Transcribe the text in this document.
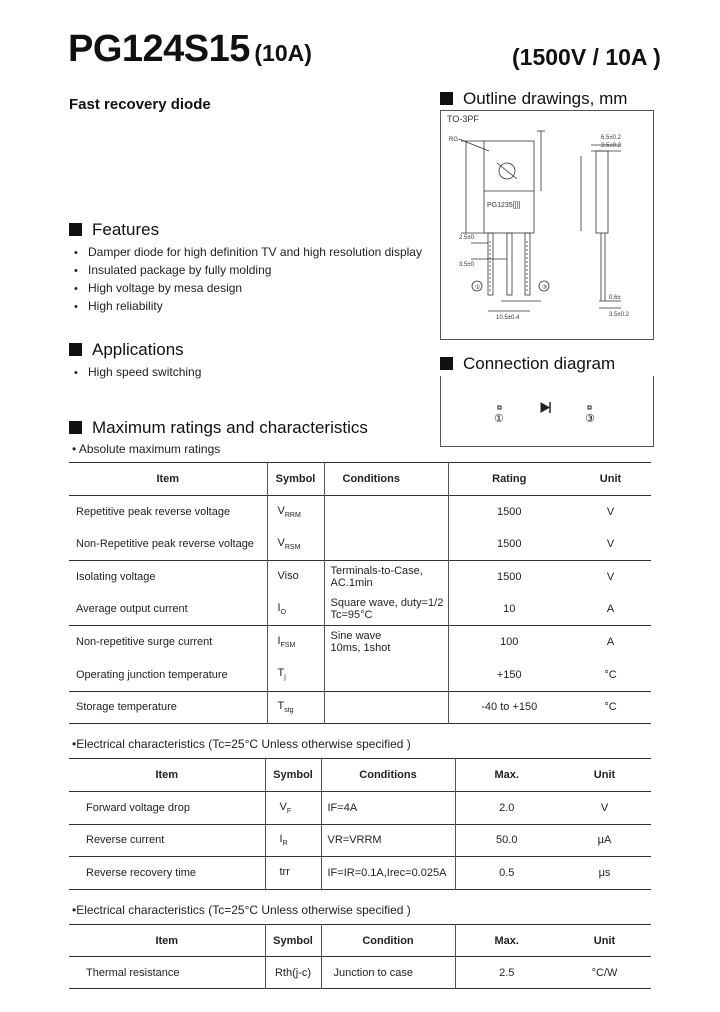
PG124S15 (10A)	(1500V / 10A )
Fast recovery diode
Features
• Damper diode for high definition TV and high resolution display
• Insulated package by fully molding
• High voltage by mesa design
• High reliability
Applications
• High speed switching
Outline drawings, mm
TO-3PF
RG
PG1235[]]]
6.5±0.2
3.5±0.2
2.5±0
3.5±0
0.6±
3.5±0.2
10.5±0.4
①	③
Connection diagram
①	③
Maximum ratings and characteristics
• Absolute maximum ratings
Item	Symbol	Conditions	Rating	Unit
Repetitive peak reverse voltage	$V_{RRM}$		1500	V
Non-Repetitive peak reverse voltage	$V_{RSM}$		1500	V
Isolating voltage	Viso	Terminals-to-Case,
AC.1min	1500	V
Average output current	$I_O$	Square wave, duty=1/2
Tc=95°C	10	A
Non-repetitive surge current	$I_{FSM}$	Sine wave
10ms, 1shot	100	A
Operating junction temperature	$T_j$		+150	°C
Storage temperature	$T_{stg}$		-40 to +150	°C
•Electrical characteristics (Tc=25°C Unless otherwise specified )
Item	Symbol	Conditions	Max.	Unit
Forward voltage drop	$V_F$	IF=4A	2.0	V
Reverse current	$I_R$	VR=VRRM	50.0	μA
Reverse recovery time	trr	IF=IR=0.1A,Irec=0.025A	0.5	μs
•Electrical characteristics (Tc=25°C Unless otherwise specified )
Item	Symbol	Condition	Max.	Unit
Thermal resistance	Rth(j-c)	Junction to case	2.5	°C/W
